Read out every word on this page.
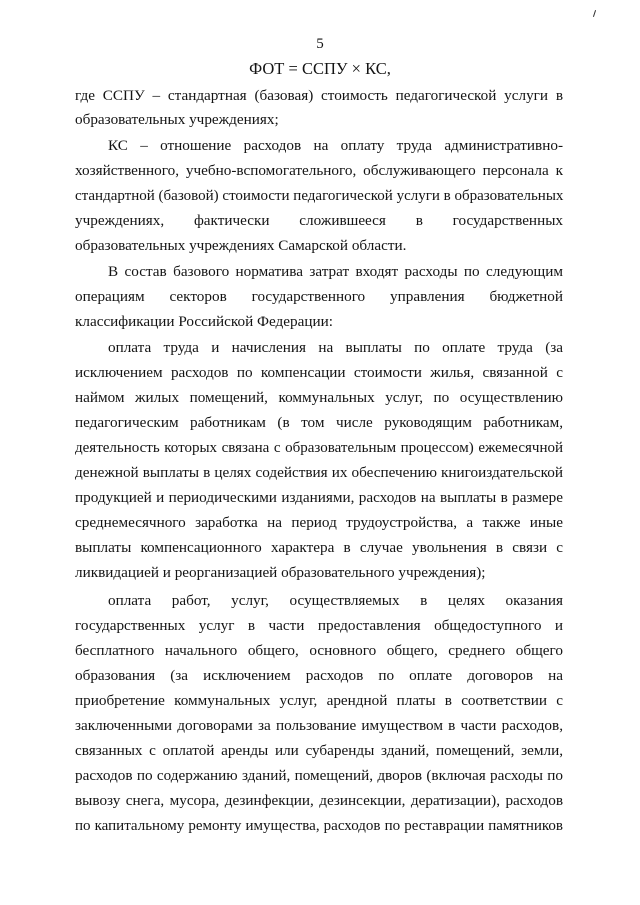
5
ФОТ = ССПУ × КС,
где ССПУ – стандартная (базовая) стоимость педагогической услуги в
образовательных учреждениях;
КС – отношение расходов на оплату труда административно-
хозяйственного, учебно-вспомогательного, обслуживающего персонала к
стандартной (базовой) стоимости педагогической услуги в образовательных
учреждениях, фактически сложившееся в государственных
образовательных учреждениях Самарской области.
В состав базового норматива затрат входят расходы по следующим
операциям секторов государственного управления бюджетной
классификации Российской Федерации:
оплата труда и начисления на выплаты по оплате труда (за
исключением расходов по компенсации стоимости жилья, связанной с
наймом жилых помещений, коммунальных услуг, по осуществлению
педагогическим работникам (в том числе руководящим работникам,
деятельность которых связана с образовательным процессом) ежемесячной
денежной выплаты в целях содействия их обеспечению книгоиздательской
продукцией и периодическими изданиями, расходов на выплаты в размере
среднемесячного заработка на период трудоустройства, а также иные
выплаты компенсационного характера в случае увольнения в связи с
ликвидацией и реорганизацией образовательного учреждения);
оплата работ, услуг, осуществляемых в целях оказания
государственных услуг в части предоставления общедоступного и
бесплатного начального общего, основного общего, среднего общего
образования (за исключением расходов по оплате договоров на
приобретение коммунальных услуг, арендной платы в соответствии с
заключенными договорами за пользование имуществом в части расходов,
связанных с оплатой аренды или субаренды зданий, помещений, земли,
расходов по содержанию зданий, помещений, дворов (включая расходы по
вывозу снега, мусора, дезинфекции, дезинсекции, дератизации), расходов
по капитальному ремонту имущества, расходов по реставрации памятников
